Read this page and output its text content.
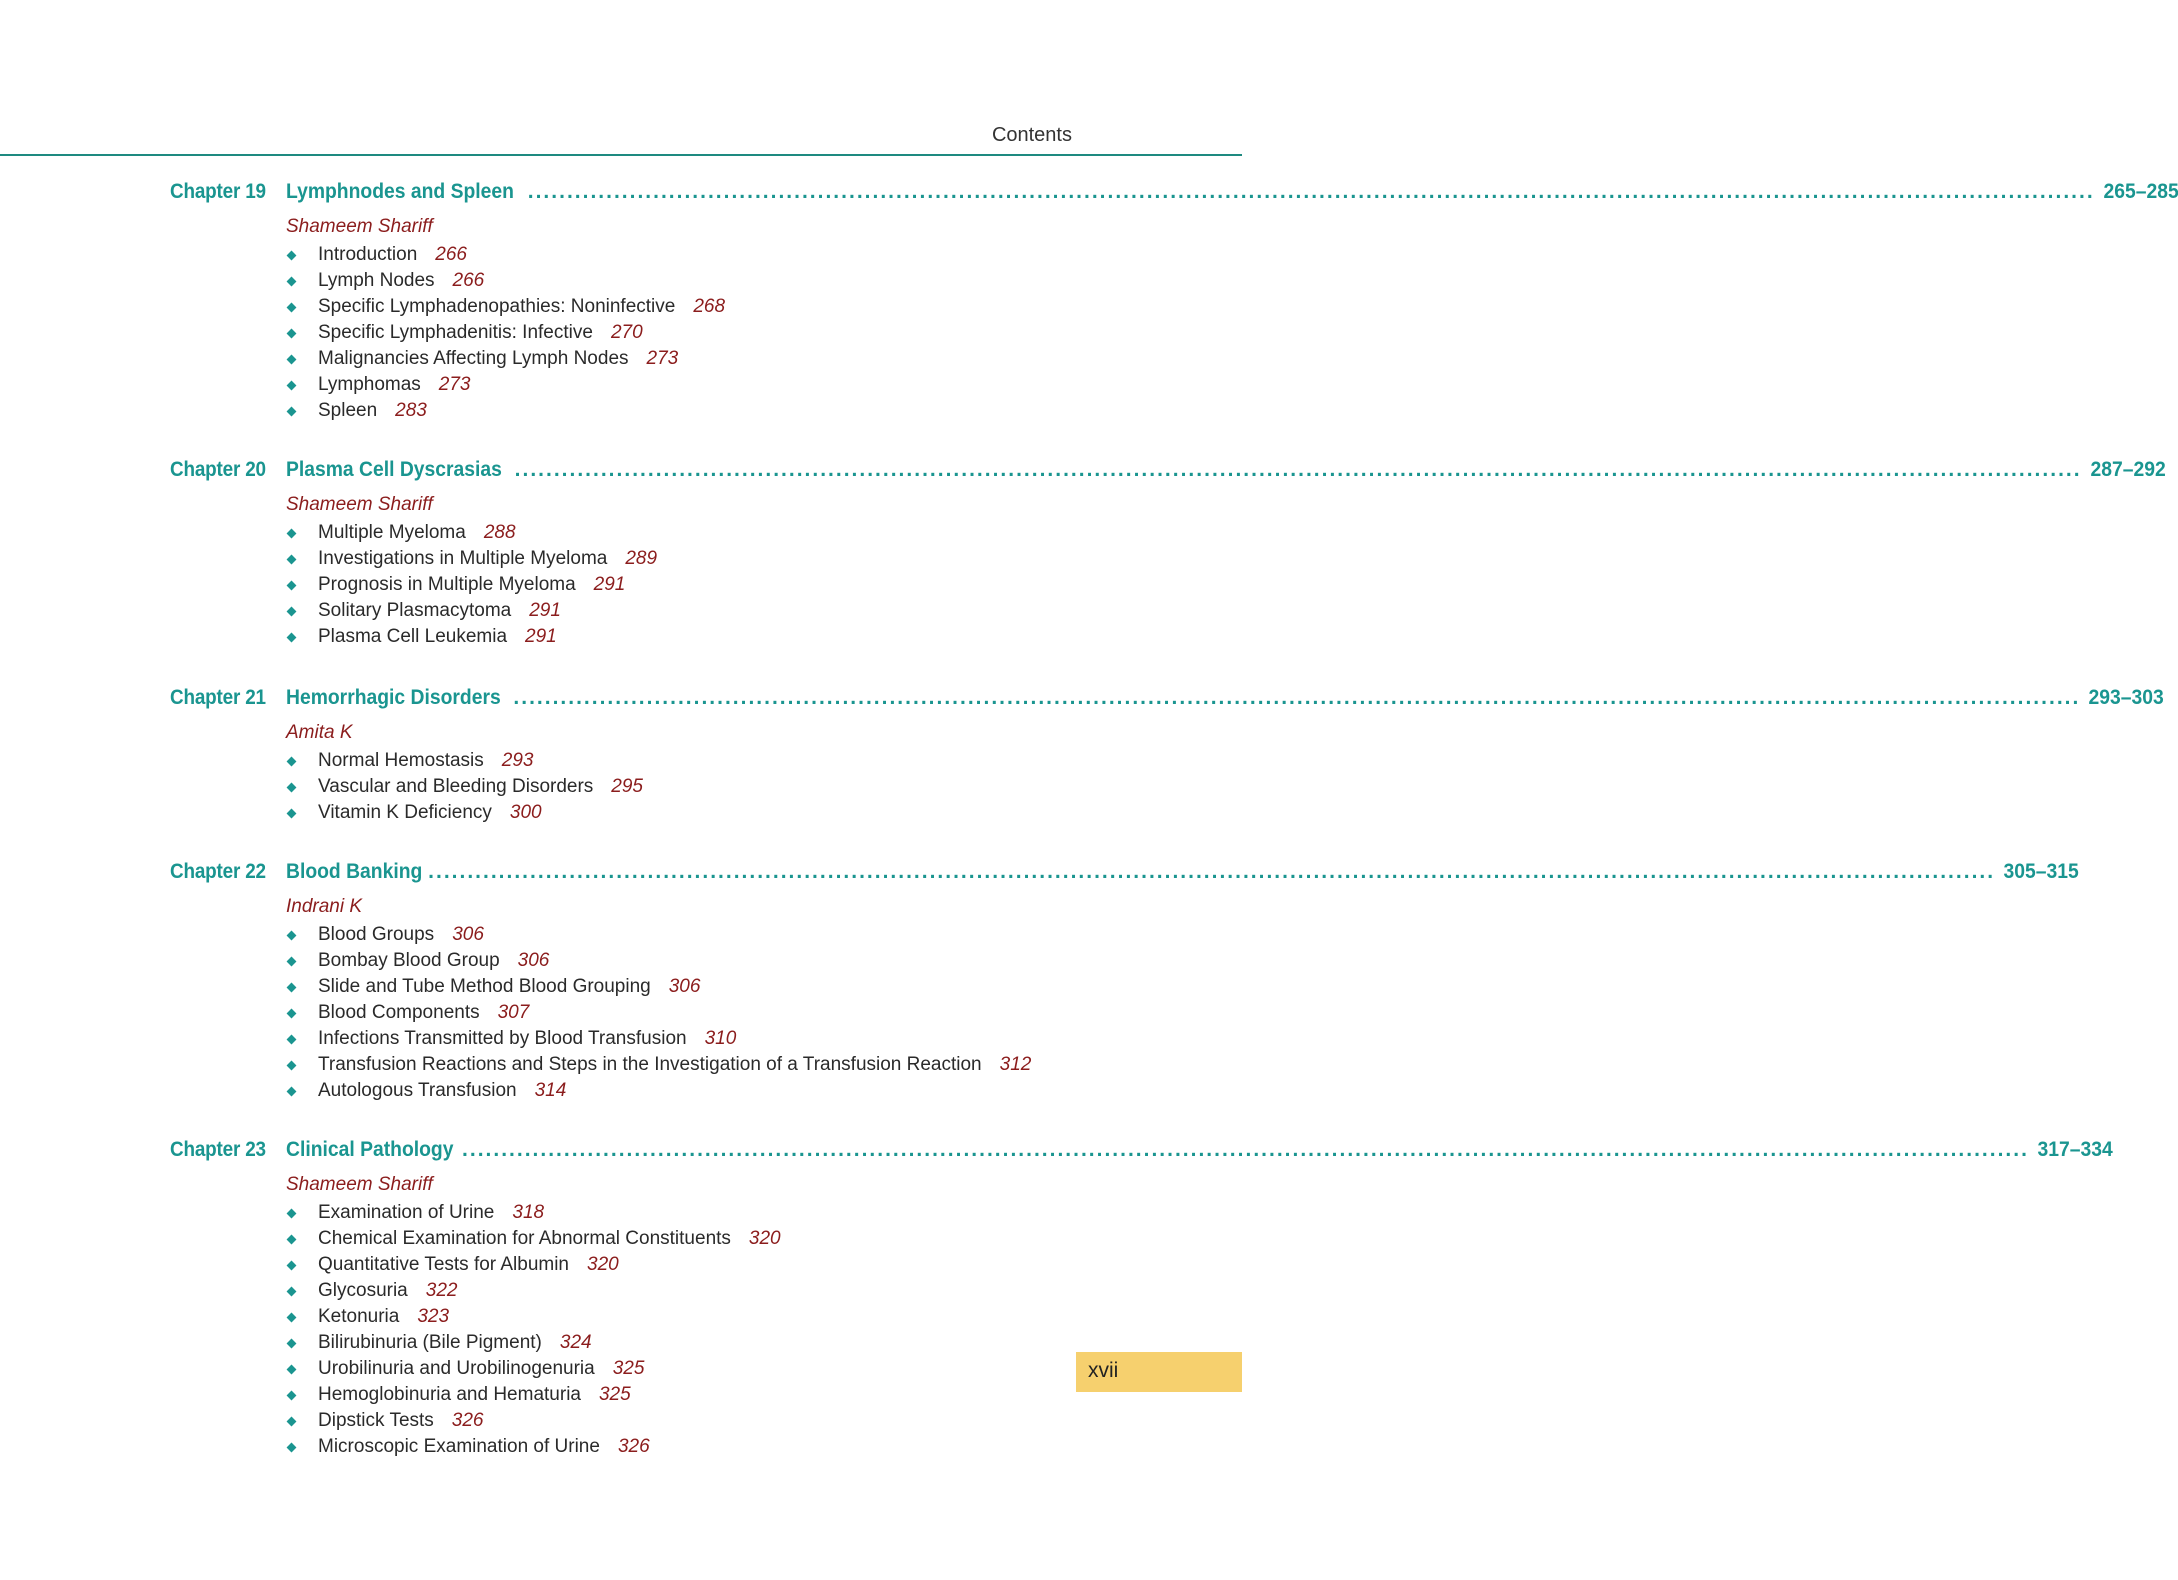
Contents
Chapter 19 Lymphnodes and Spleen ........................................................................................................................................................................................................ 265–285
Shameem Shariff
Introduction 266
Lymph Nodes 266
Specific Lymphadenopathies: Noninfective 268
Specific Lymphadenitis: Infective 270
Malignancies Affecting Lymph Nodes 273
Lymphomas 273
Spleen 283
Chapter 20 Plasma Cell Dyscrasias ........................................................................................................................................................................................................ 287–292
Shameem Shariff
Multiple Myeloma 288
Investigations in Multiple Myeloma 289
Prognosis in Multiple Myeloma 291
Solitary Plasmacytoma 291
Plasma Cell Leukemia 291
Chapter 21 Hemorrhagic Disorders ........................................................................................................................................................................................................ 293–303
Amita K
Normal Hemostasis 293
Vascular and Bleeding Disorders 295
Vitamin K Deficiency 300
Chapter 22 Blood Banking ........................................................................................................................................................................................................ 305–315
Indrani K
Blood Groups 306
Bombay Blood Group 306
Slide and Tube Method Blood Grouping 306
Blood Components 307
Infections Transmitted by Blood Transfusion 310
Transfusion Reactions and Steps in the Investigation of a Transfusion Reaction 312
Autologous Transfusion 314
Chapter 23 Clinical Pathology ........................................................................................................................................................................................................ 317–334
Shameem Shariff
Examination of Urine 318
Chemical Examination for Abnormal Constituents 320
Quantitative Tests for Albumin 320
Glycosuria 322
Ketonuria 323
Bilirubinuria (Bile Pigment) 324
Urobilinuria and Urobilinogenuria 325
Hemoglobinuria and Hematuria 325
Dipstick Tests 326
Microscopic Examination of Urine 326
xvii
